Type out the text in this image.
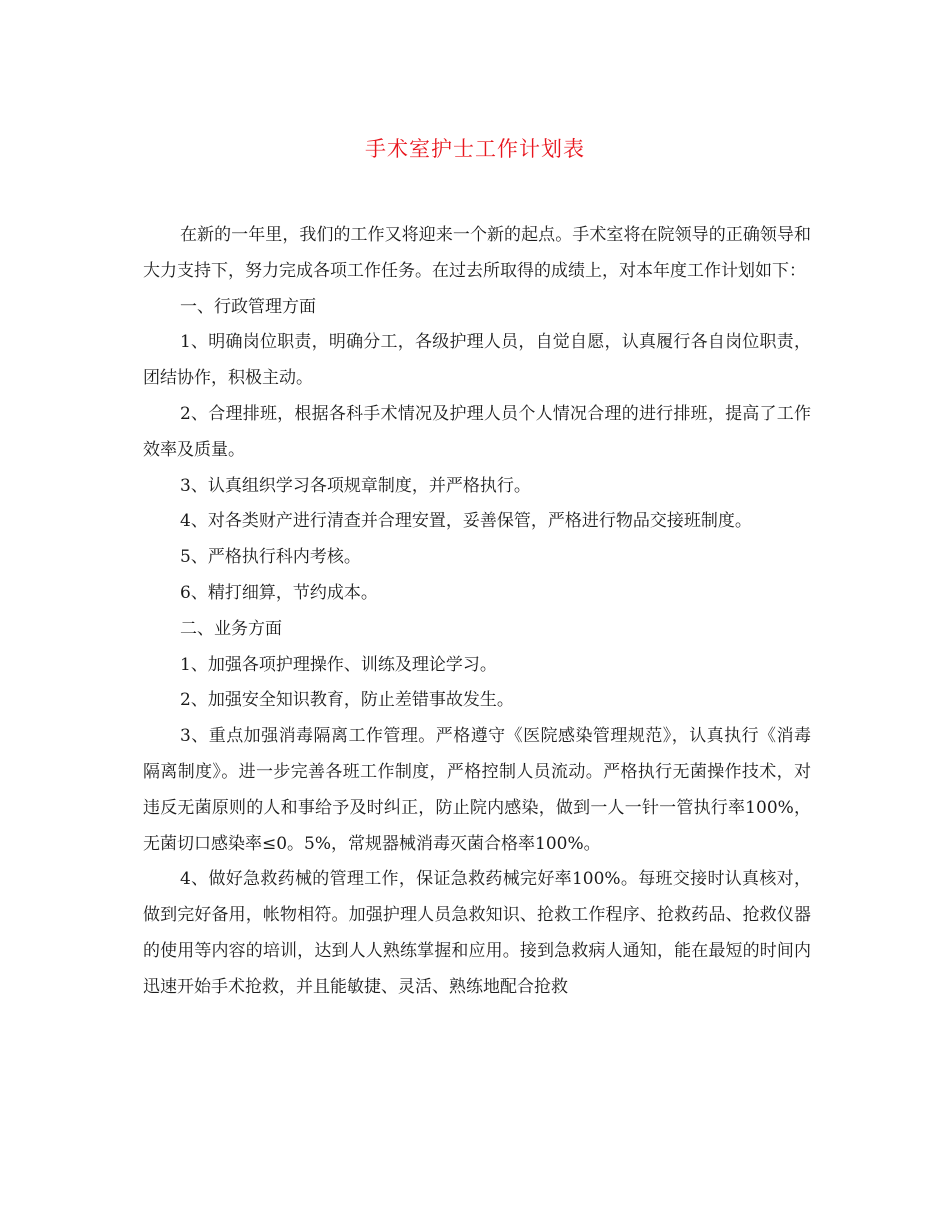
手术室护士工作计划表

在新的一年里，我们的工作又将迎来一个新的起点。手术室将在院领导的正确领导和大力支持下，努力完成各项工作任务。在过去所取得的成绩上，对本年度工作计划如下：

一、行政管理方面

1、明确岗位职责，明确分工，各级护理人员，自觉自愿，认真履行各自岗位职责，团结协作，积极主动。

2、合理排班，根据各科手术情况及护理人员个人情况合理的进行排班，提高了工作效率及质量。

3、认真组织学习各项规章制度，并严格执行。

4、对各类财产进行清查并合理安置，妥善保管，严格进行物品交接班制度。

5、严格执行科内考核。

6、精打细算，节约成本。

二、业务方面

1、加强各项护理操作、训练及理论学习。

2、加强安全知识教育，防止差错事故发生。

3、重点加强消毒隔离工作管理。严格遵守《医院感染管理规范》，认真执行《消毒隔离制度》。进一步完善各班工作制度，严格控制人员流动。严格执行无菌操作技术，对违反无菌原则的人和事给予及时纠正，防止院内感染，做到一人一针一管执行率100%，无菌切口感染率≤0。5%，常规器械消毒灭菌合格率100%。

4、做好急救药械的管理工作，保证急救药械完好率100%。每班交接时认真核对，做到完好备用，帐物相符。加强护理人员急救知识、抢救工作程序、抢救药品、抢救仪器的使用等内容的培训，达到人人熟练掌握和应用。接到急救病人通知，能在最短的时间内迅速开始手术抢救，并且能敏捷、灵活、熟练地配合抢救
